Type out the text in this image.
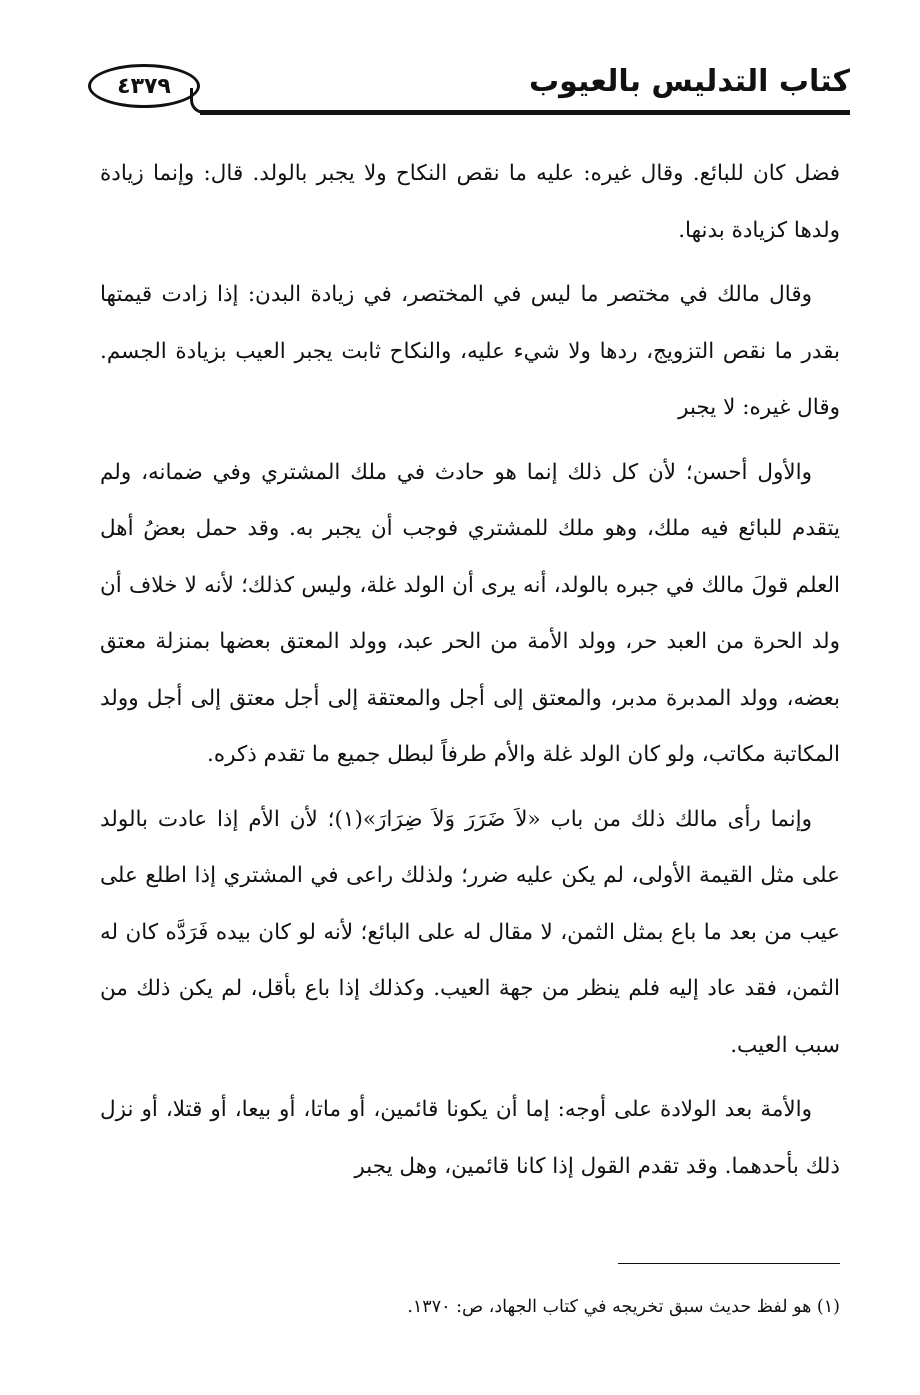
٤٣٧٩	كتاب التدليس بالعيوب

فضل كان للبائع. وقال غيره: عليه ما نقص النكاح ولا يجبر بالولد. قال: وإنما زيادة ولدها كزيادة بدنها.

وقال مالك في مختصر ما ليس في المختصر، في زيادة البدن: إذا زادت قيمتها بقدر ما نقص التزويج، ردها ولا شيء عليه، والنكاح ثابت يجبر العيب بزيادة الجسم. وقال غيره: لا يجبر

والأول أحسن؛ لأن كل ذلك إنما هو حادث في ملك المشتري وفي ضمانه، ولم يتقدم للبائع فيه ملك، وهو ملك للمشتري فوجب أن يجبر به. وقد حمل بعضُ أهل العلم قولَ مالك في جبره بالولد، أنه يرى أن الولد غلة، وليس كذلك؛ لأنه لا خلاف أن ولد الحرة من العبد حر، وولد الأمة من الحر عبد، وولد المعتق بعضها بمنزلة معتق بعضه، وولد المدبرة مدبر، والمعتق إلى أجل والمعتقة إلى أجل معتق إلى أجل وولد المكاتبة مكاتب، ولو كان الولد غلة والأم طرفاً لبطل جميع ما تقدم ذكره.

وإنما رأى مالك ذلك من باب «لاَ ضَرَرَ وَلاَ ضِرَارَ»(١)؛ لأن الأم إذا عادت بالولد على مثل القيمة الأولى، لم يكن عليه ضرر؛ ولذلك راعى في المشتري إذا اطلع على عيب من بعد ما باع بمثل الثمن، لا مقال له على البائع؛ لأنه لو كان بيده فَرَدَّه كان له الثمن، فقد عاد إليه فلم ينظر من جهة العيب. وكذلك إذا باع بأقل، لم يكن ذلك من سبب العيب.

والأمة بعد الولادة على أوجه: إما أن يكونا قائمين، أو ماتا، أو بيعا، أو قتلا، أو نزل ذلك بأحدهما. وقد تقدم القول إذا كانا قائمين، وهل يجبر

(١) هو لفظ حديث سبق تخريجه في كتاب الجهاد، ص: ١٣٧٠.
